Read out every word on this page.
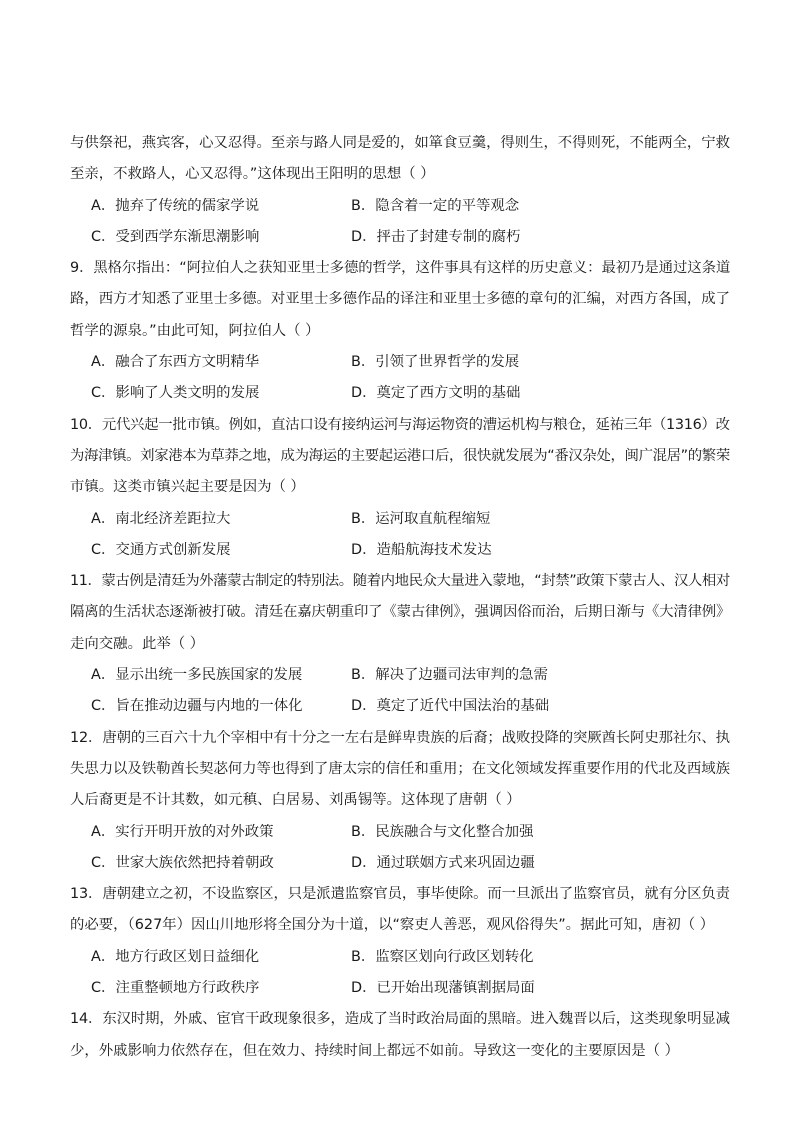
与供祭祀，燕宾客，心又忍得。至亲与路人同是爱的，如箪食豆羹，得则生，不得则死，不能两全，宁救

至亲，不救路人，心又忍得。”这体现出王阳明的思想（ ）

A．抛弃了传统的儒家学说	B．隐含着一定的平等观念
C．受到西学东渐思潮影响	D．抨击了封建专制的腐朽

9．黑格尔指出：“阿拉伯人之获知亚里士多德的哲学，这件事具有这样的历史意义：最初乃是通过这条道

路，西方才知悉了亚里士多德。对亚里士多德作品的译注和亚里士多德的章句的汇编，对西方各国，成了

哲学的源泉。”由此可知，阿拉伯人（ ）

A．融合了东西方文明精华	B．引领了世界哲学的发展
C．影响了人类文明的发展	D．奠定了西方文明的基础

10．元代兴起一批市镇。例如，直沽口设有接纳运河与海运物资的漕运机构与粮仓，延祐三年（1316）改

为海津镇。刘家港本为草莽之地，成为海运的主要起运港口后，很快就发展为“番汉杂处，闽广混居”的繁荣

市镇。这类市镇兴起主要是因为（ ）

A．南北经济差距拉大	B．运河取直航程缩短
C．交通方式创新发展	D．造船航海技术发达

11．蒙古例是清廷为外藩蒙古制定的特别法。随着内地民众大量进入蒙地，“封禁”政策下蒙古人、汉人相对

隔离的生活状态逐渐被打破。清廷在嘉庆朝重印了《蒙古律例》，强调因俗而治，后期日渐与《大清律例》

走向交融。此举（ ）

A．显示出统一多民族国家的发展	B．解决了边疆司法审判的急需
C．旨在推动边疆与内地的一体化	D．奠定了近代中国法治的基础

12．唐朝的三百六十九个宰相中有十分之一左右是鲜卑贵族的后裔；战败投降的突厥酋长阿史那社尔、执

失思力以及铁勒酋长契苾何力等也得到了唐太宗的信任和重用；在文化领域发挥重要作用的代北及西域族

人后裔更是不计其数，如元稹、白居易、刘禹锡等。这体现了唐朝（ ）

A．实行开明开放的对外政策	B．民族融合与文化整合加强
C．世家大族依然把持着朝政	D．通过联姻方式来巩固边疆

13．唐朝建立之初，不设监察区，只是派遣监察官员，事毕使除。而一旦派出了监察官员，就有分区负责

的必要，（627年）因山川地形将全国分为十道，以“察吏人善恶，观风俗得失”。据此可知，唐初（ ）

A．地方行政区划日益细化	B．监察区划向行政区划转化
C．注重整顿地方行政秩序	D．已开始出现藩镇割据局面

14．东汉时期，外戚、宦官干政现象很多，造成了当时政治局面的黑暗。进入魏晋以后，这类现象明显减

少，外戚影响力依然存在，但在效力、持续时间上都远不如前。导致这一变化的主要原因是（ ）
